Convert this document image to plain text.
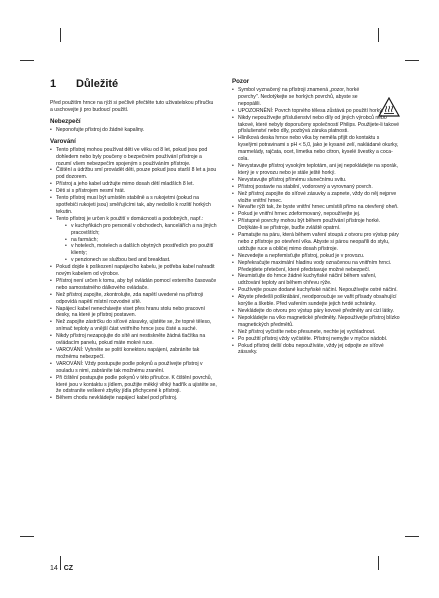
1	Důležité

Před použitím hrnce na rýži si pečlivě přečtěte tuto uživatelskou příručku a uschovejte ji pro budoucí použití.

Nebezpečí
• Neponořujte přístroj do žádné kapaliny.
Varování
• Tento přístroj mohou používat děti ve věku od 8 let, pokud jsou pod dohledem nebo byly poučeny o bezpečném používání přístroje a rozumí všem nebezpečím spojeným s používáním přístroje.
• Čištění a údržbu smí provádět děti, pouze pokud jsou starší 8 let a jsou pod dozorem.
• Přístroj a jeho kabel udržujte mimo dosah dětí mladších 8 let.
• Děti si s přístrojem nesmí hrát.
• Tento přístroj musí být umístěn stabilně a s rukojetmi (pokud na spotřebiči rukojeti jsou) směřujícími tak, aby nedošlo k rozlití horkých tekutin.
• Tento přístroj je určen k použití v domácnosti a podobných, např.:
• v kuchyňkách pro personál v obchodech, kancelářích a na jiných pracovištích;
• na farmách;
• v hotelech, motelech a dalších obytných prostředích pro použití klienty;
• v penzionech se službou bed and breakfast.
• Pokud dojde k poškození napájecího kabelu, je potřeba kabel nahradit novým kabelem od výrobce.
• Přístroj není určen k tomu, aby byl ovládán pomocí externího časovače nebo samostatného dálkového ovládače.
• Než přístroj zapojíte, zkontrolujte, zda napětí uvedené na přístroji odpovídá napětí místní rozvodné sítě.
• Napájecí kabel nenechávejte viset přes hranu stolu nebo pracovní desky, na které je přístroj postaven.
• Než zapojíte zástrčku do síťové zásuvky, ujistěte se, že topné těleso, snímač teploty a vnější část vnitřního hrnce jsou čisté a suché.
• Nikdy přístroj nezapojujte do sítě ani nestiskněte žádná tlačítka na ovládacím panelu, pokud máte mokré ruce.
• VAROVÁNÍ: Vyhněte se polití konektoru napájení, zabráníte tak možnému nebezpečí.
• VAROVÁNÍ: Vždy postupujte podle pokynů a používejte přístroj v souladu s nimi, zabráníte tak možnému zranění.
• Při čištění postupujte podle pokynů v této příručce. K čištění povrchů, které jsou v kontaktu s jídlem, použijte měkký vlhký hadřík a ujistěte se, že odstraníte veškeré zbytky jídla přichycené k přístroji.
• Během chodu nevkládejte napájecí kabel pod přístroj.
Pozor
• Symbol vyznačený na přístroji znamená „pozor, horké povrchy". Nedotýkejte se horkých povrchů, abyste se nepopálili.
• UPOZORNĚNÍ: Povrch topného tělesa zůstává po použití horký.
• Nikdy nepoužívejte příslušenství nebo díly od jiných výrobců nebo takové, které nebyly doporučeny společností Philips. Použijete-li takové příslušenství nebo díly, pozbývá záruka platnosti.
• Hliníková deska hrnce nebo víka by neměla přijít do kontaktu s kyselými potravinami s pH < 5,0, jako je kysané zelí, nakládané okurky, marmelády, rajčata, ocet, limetka nebo citron, kyselé švestky a coca-cola.
• Nevystavujte přístroj vysokým teplotám, ani jej nepokládejte na sporák, který je v provozu nebo je stále ještě horký.
• Nevystavujte přístroj přímému slunečnímu svitu.
• Přístroj postavte na stabilní, vodorovný a vyrovnaný povrch.
• Než přístroj zapojíte do síťové zásuvky a zapnete, vždy do něj nejprve vložte vnitřní hrnec.
• Nevařte rýži tak, že byste vnitřní hrnec umístili přímo na otevřený oheň.
• Pokud je vnitřní hrnec zdeformovaný, nepoužívejte jej.
• Přístupné povrchy mohou být během používání přístroje horké. Dotýkáte-li se přístroje, buďte zvláště opatrní.
• Pamatujte na páru, která během vaření stoupá z otvoru pro výstup páry nebo z přístroje po otevření víka. Abyste si párou neopařili do stylu, udržujte ruce a obličej mimo dosah přístroje.
• Nezvedejte a nepřemisťujte přístroj, pokud je v provozu.
• Nepřekračujte maximální hladinu vody označenou na vnitřním hrnci. Předejdete přetečení, které představuje možné nebezpečí.
• Neumisťujte do hrnce žádné kuchyňské náčiní během vaření, udržování teploty ani během ohřevu rýže.
• Používejte pouze dodané kuchyňské náčiní. Nepoužívejte ostré náčiní.
• Abyste předešli poškrábání, neodporoučuje se vařit přísady obsahující korýše a škeble. Před vařením sundejte jejich tvrdé schránky.
• Nevkládejte do otvoru pro výstup páry kovové předměty ani cizí látky.
• Nepokládejte na víko magnetické předměty. Nepoužívejte přístroj blízko magnetických předmětů.
• Než přístroj vyčistíte nebo přesunete, nechte jej vychladnout.
• Po použití přístroj vždy vyčistěte. Přístroj nemyjte v myčce nádobí.
• Pokud přístroj delší dobu nepoužíváte, vždy jej odpojte ze síťové zásuvky.
14 CZ
